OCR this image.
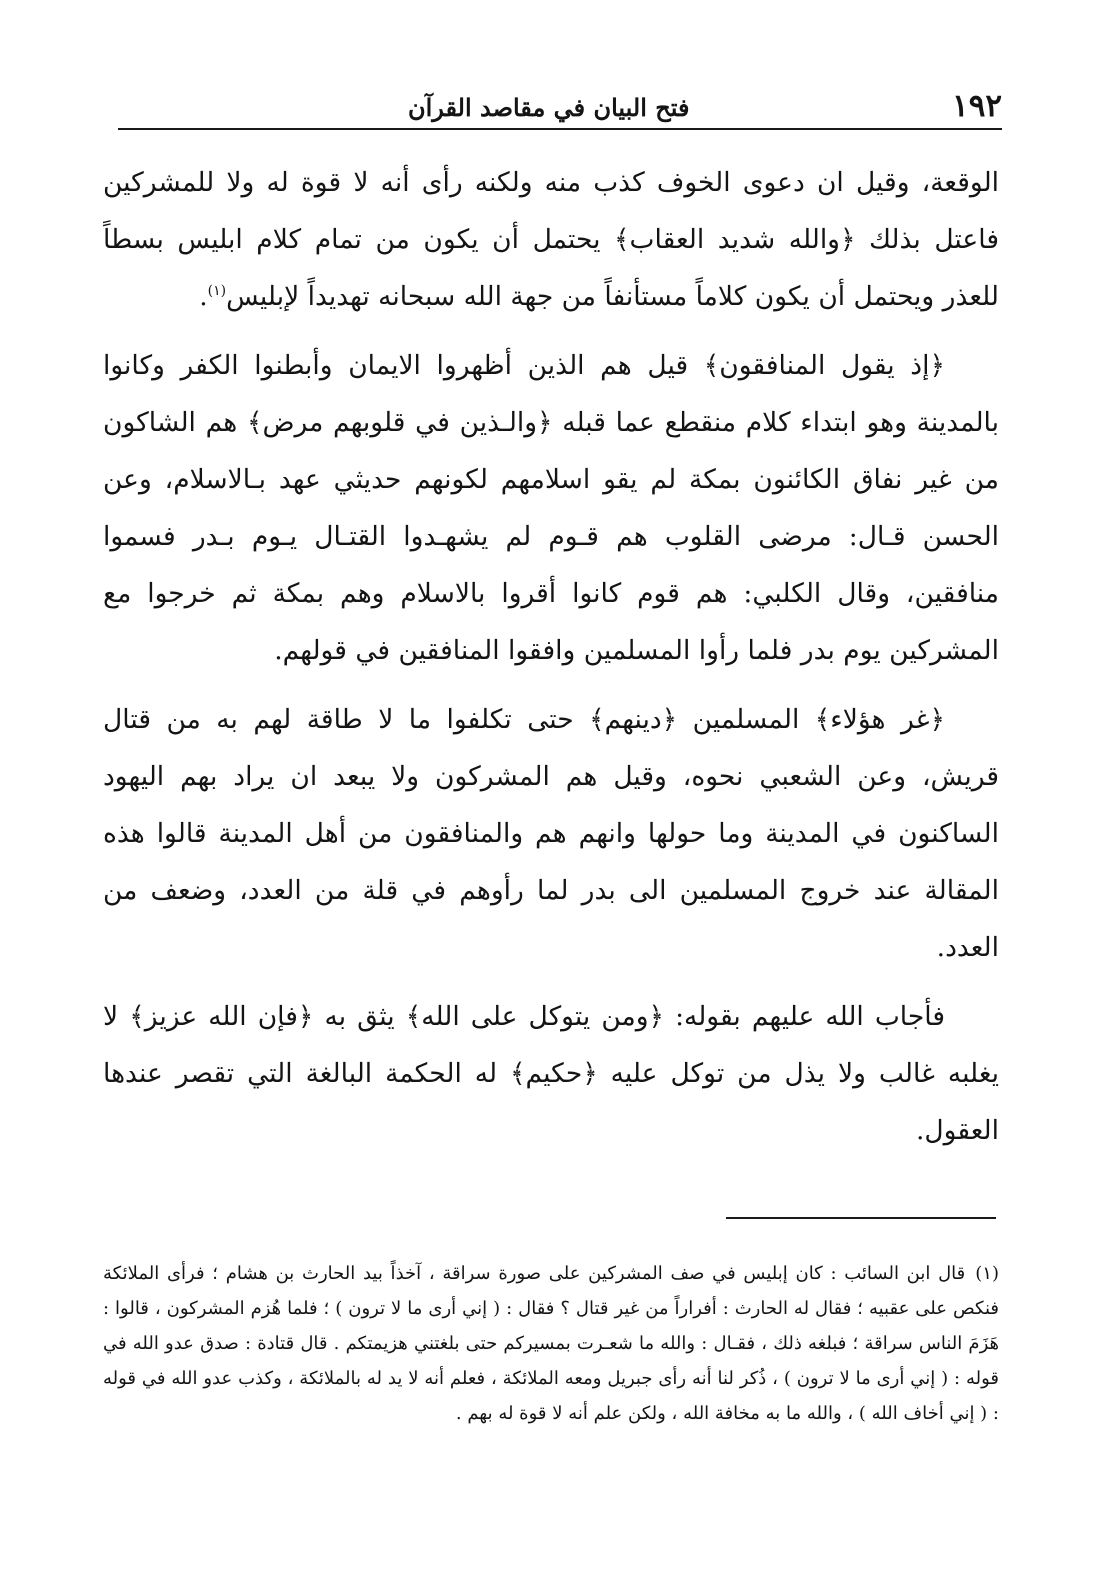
١٩٢
فتح البيان في مقاصد القرآن

الوقعة، وقيل ان دعوى الخوف كذب منه ولكنه رأى أنه لا قوة له ولا للمشركين فاعتل بذلك ﴿والله شديد العقاب﴾ يحتمل أن يكون من تمام كلام ابليس بسطاً للعذر ويحتمل أن يكون كلاماً مستأنفاً من جهة الله سبحانه تهديداً لإبليس$^{(١)}$.

﴿إذ يقول المنافقون﴾ قيل هم الذين أظهروا الايمان وأبطنوا الكفر وكانوا بالمدينة وهو ابتداء كلام منقطع عما قبله ﴿والـذين في قلوبهم مرض﴾ هم الشاكون من غير نفاق الكائنون بمكة لم يقو اسلامهم لكونهم حديثي عهد بـالاسلام، وعن الحسن قـال: مرضى القلوب هم قـوم لم يشهـدوا القتـال يـوم بـدر فسموا منافقين، وقال الكلبي: هم قوم كانوا أقروا بالاسلام وهم بمكة ثم خرجوا مع المشركين يوم بدر فلما رأوا المسلمين وافقوا المنافقين في قولهم.

﴿غر هؤلاء﴾ المسلمين ﴿دينهم﴾ حتى تكلفوا ما لا طاقة لهم به من قتال قريش، وعن الشعبي نحوه، وقيل هم المشركون ولا يبعد ان يراد بهم اليهود الساكنون في المدينة وما حولها وانهم هم والمنافقون من أهل المدينة قالوا هذه المقالة عند خروج المسلمين الى بدر لما رأوهم في قلة من العدد، وضعف من العدد.

فأجاب الله عليهم بقوله: ﴿ومن يتوكل على الله﴾ يثق به ﴿فإن الله عزيز﴾ لا يغلبه غالب ولا يذل من توكل عليه ﴿حكيم﴾ له الحكمة البالغة التي تقصر عندها العقول.

(١)قال ابن السائب : كان إبليس في صف المشركين على صورة سراقة ، آخذاً بيد الحارث بن هشام ؛ فرأى الملائكة فنكص على عقبيه ؛ فقال له الحارث : أفراراً من غير قتال ؟ فقال : ( إني أرى ما لا ترون ) ؛ فلما هُزم المشركون ، قالوا : هَزَمَ الناس سراقة ؛ فبلغه ذلك ، فقـال : والله ما شعـرت بمسيركم حتى بلغتني هزيمتكم . قال قتادة : صدق عدو الله في قوله : ( إني أرى ما لا ترون ) ، ذُكر لنا أنه رأى جبريل ومعه الملائكة ، فعلم أنه لا يد له بالملائكة ، وكذب عدو الله في قوله : ( إني أخاف الله ) ، والله ما به مخافة الله ، ولكن علم أنه لا قوة له بهم .
